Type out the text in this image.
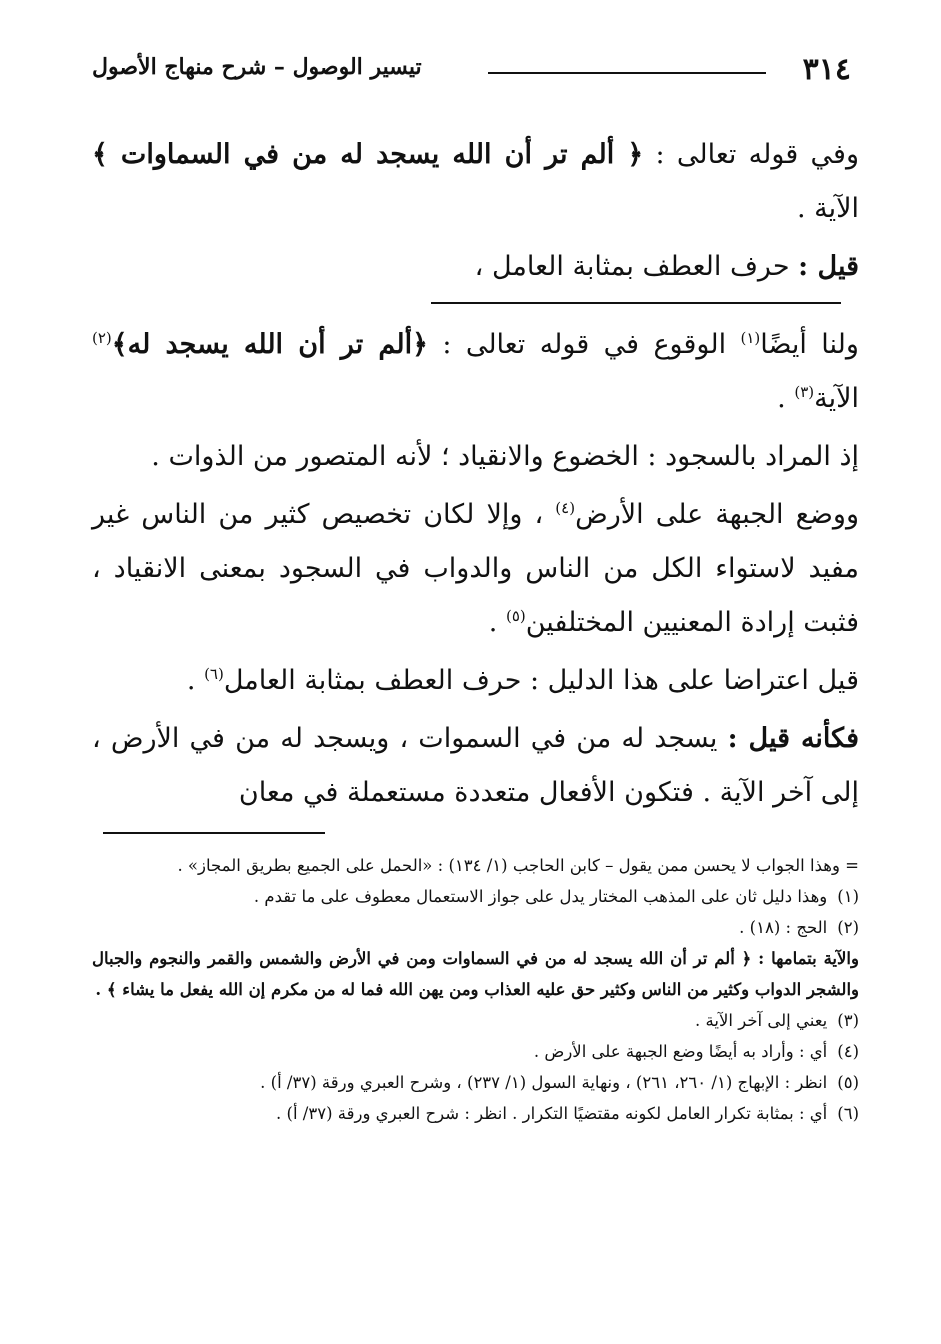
٣١٤
تيسير الوصول – شرح منهاج الأصول

وفي قوله تعالى : ﴿ ألم تر أن الله يسجد له من في السماوات ﴾ الآية .

قيل : حرف العطف بمثابة العامل ،

ولنا أيضًا$^{(١)}$ الوقوع في قوله تعالى : ﴿ألم تر أن الله يسجد له﴾$^{(٢)}$ الآية$^{(٣)}$ .

إذ المراد بالسجود : الخضوع والانقياد ؛ لأنه المتصور من الذوات .

ووضع الجبهة على الأرض$^{(٤)}$ ، وإلا لكان تخصيص كثير من الناس غير مفيد لاستواء الكل من الناس والدواب في السجود بمعنى الانقياد ، فثبت إرادة المعنيين المختلفين$^{(٥)}$ .

قيل اعتراضا على هذا الدليل : حرف العطف بمثابة العامل$^{(٦)}$ .

فكأنه قيل : يسجد له من في السموات ، ويسجد له من في الأرض ، إلى آخر الآية . فتكون الأفعال متعددة مستعملة في معان

= وهذا الجواب لا يحسن ممن يقول – كابن الحاجب (١/ ١٣٤) : «الحمل على الجميع بطريق المجاز» .

(١)وهذا دليل ثان على المذهب المختار يدل على جواز الاستعمال معطوف على ما تقدم .

(٢)الحج : (١٨) .

والآية بتمامها : ﴿ ألم تر أن الله يسجد له من في السماوات ومن في الأرض والشمس والقمر والنجوم والجبال والشجر الدواب وكثير من الناس وكثير حق عليه العذاب ومن يهن الله فما له من مكرم إن الله يفعل ما يشاء ﴾ .

(٣)يعني إلى آخر الآية .

(٤)أي : وأراد به أيضًا وضع الجبهة على الأرض .

(٥)انظر : الإبهاج (١/ ٢٦٠، ٢٦١) ، ونهاية السول (١/ ٢٣٧) ، وشرح العبري ورقة (٣٧/ أ) .

(٦)أي : بمثابة تكرار العامل لكونه مقتضيًا التكرار . انظر : شرح العبري ورقة (٣٧/ أ) .
